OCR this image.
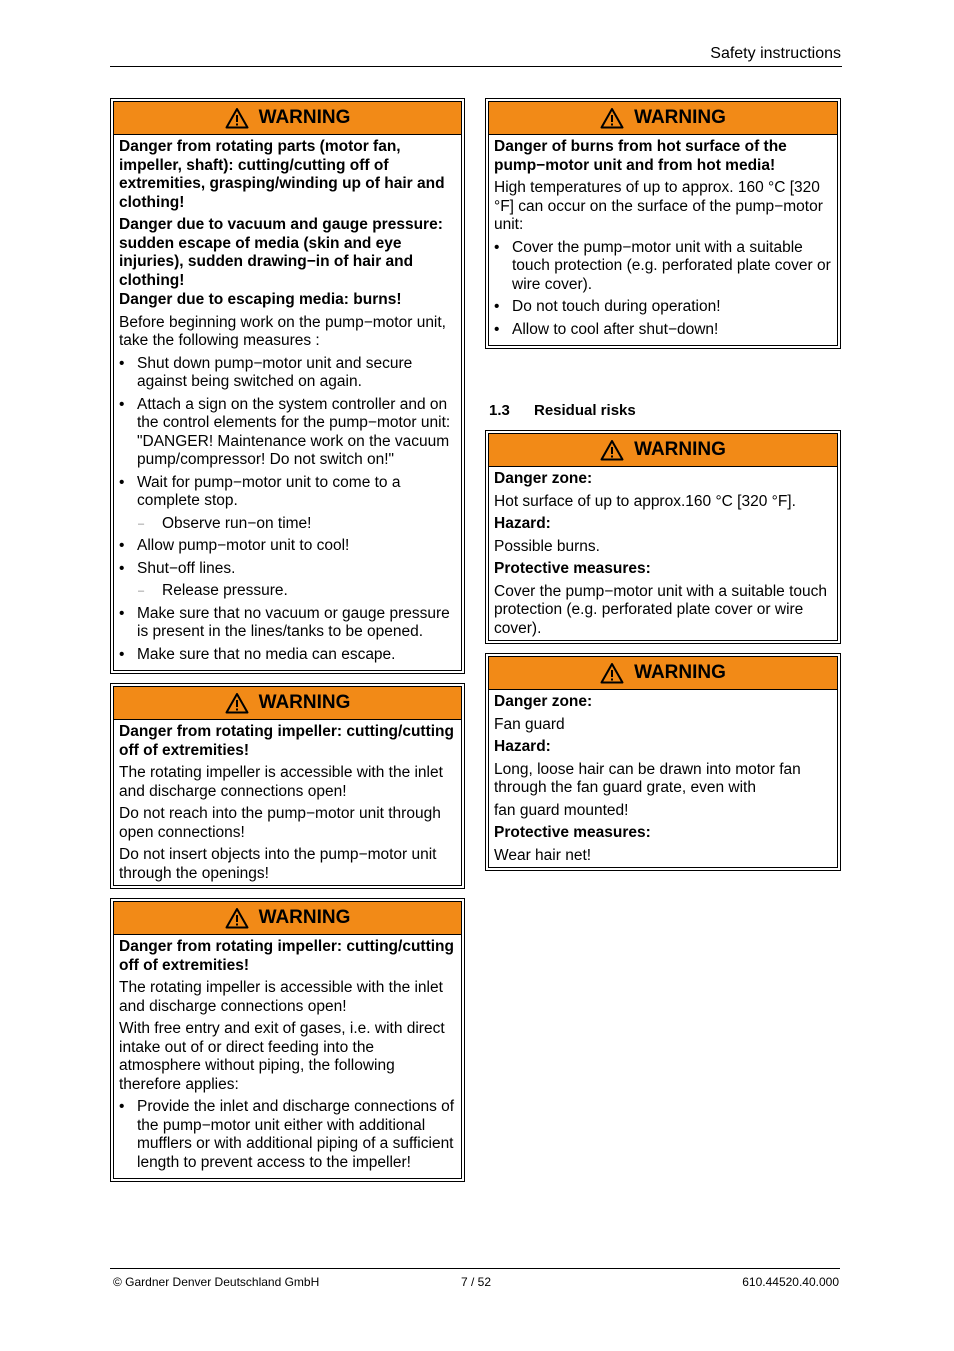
Safety instructions
WARNING
Danger from rotating parts (motor fan, impeller, shaft): cutting/cutting off of extremities, grasping/winding up of hair and clothing!
Danger due to vacuum and gauge pressure: sudden escape of media (skin and eye injuries), sudden drawing−in of hair and clothing!
Danger due to escaping media: burns!
Before beginning work on the pump−motor unit, take the following measures :
• Shut down pump−motor unit and secure against being switched on again.
• Attach a sign on the system controller and on the control elements for the pump−motor unit: "DANGER! Maintenance work on the vacuum pump/compressor! Do not switch on!"
• Wait for pump−motor unit to come to a complete stop.
– Observe run−on time!
• Allow pump−motor unit to cool!
• Shut−off lines.
– Release pressure.
• Make sure that no vacuum or gauge pressure is present in the lines/tanks to be opened.
• Make sure that no media can escape.
WARNING
Danger from rotating impeller: cutting/cutting off of extremities!
The rotating impeller is accessible with the inlet and discharge connections open!
Do not reach into the pump−motor unit through open connections!
Do not insert objects into the pump−motor unit through the openings!
WARNING
Danger from rotating impeller: cutting/cutting off of extremities!
The rotating impeller is accessible with the inlet and discharge connections open!
With free entry and exit of gases, i.e. with direct intake out of or direct feeding into the atmosphere without piping, the following therefore applies:
• Provide the inlet and discharge connections of the pump−motor unit either with additional mufflers or with additional piping of a sufficient length to prevent access to the impeller!
WARNING
Danger of burns from hot surface of the pump−motor unit and from hot media!
High temperatures of up to approx. 160 °C [320 °F] can occur on the surface of the pump−motor unit:
• Cover the pump−motor unit with a suitable touch protection (e.g. perforated plate cover or wire cover).
• Do not touch during operation!
• Allow to cool after shut−down!
1.3 Residual risks
WARNING
Danger zone:
Hot surface of up to approx.160 °C [320 °F].
Hazard:
Possible burns.
Protective measures:
Cover the pump−motor unit with a suitable touch protection (e.g. perforated plate cover or wire cover).
WARNING
Danger zone:
Fan guard
Hazard:
Long, loose hair can be drawn into motor fan through the fan guard grate, even with
fan guard mounted!
Protective measures:
Wear hair net!
© Gardner Denver Deutschland GmbH	7 / 52	610.44520.40.000
